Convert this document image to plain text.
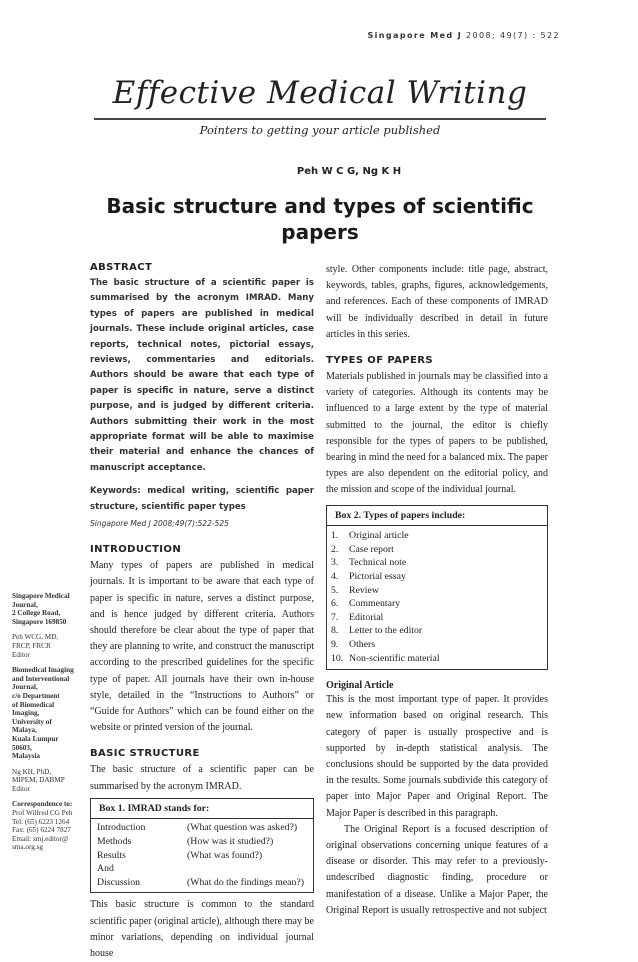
Singapore Med J 2008; 49(7) : 522
Effective Medical Writing
Pointers to getting your article published
Peh W C G, Ng K H
Basic structure and types of scientific papers

Singapore Medical
Journal,
2 College Road,
Singapore 169850

Peh WCG, MD,
FRCP, FRCR
Editor

Biomedical Imaging
and Interventional
Journal,
c/o Department
of Biomedical
Imaging,
University of
Malaya,
Kuala Lumpur
50603,
Malaysia

Ng KH, PhD,
MIPEM, DABMP
Editor

Correspondence to:
Prof Wilfred CG Peh
Tel: (65) 6223 1264
Fax: (65) 6224 7827
Email: smj.editor@
sma.org.sg

ABSTRACT
The basic structure of a scientific paper is summarised by the acronym IMRAD. Many types of papers are published in medical journals. These include original articles, case reports, technical notes, pictorial essays, reviews, commentaries and editorials. Authors should be aware that each type of paper is specific in nature, serve a distinct purpose, and is judged by different criteria. Authors submitting their work in the most appropriate format will be able to maximise their material and enhance the chances of manuscript acceptance.
Keywords: medical writing, scientific paper structure, scientific paper types
Singapore Med J 2008;49(7):522-525
INTRODUCTION

Many types of papers are published in medical journals. It is important to be aware that each type of paper is specific in nature, serves a distinct purpose, and is hence judged by different criteria. Authors should therefore be clear about the type of paper that they are planning to write, and construct the manuscript according to the prescribed guidelines for the specific type of paper. All journals have their own in-house style, detailed in the “Instructions to Authors” or “Guide for Authors” which can be found either on the website or printed version of the journal.

BASIC STRUCTURE

The basic structure of a scientific paper can be summarised by the acronym IMRAD.

Box 1. IMRAD stands for:
Introduction	(What question was asked?)
Methods	(How was it studied?)
Results	(What was found?)
And	
Discussion	(What do the findings mean?)

This basic structure is common to the standard scientific paper (original article), although there may be minor variations, depending on individual journal house

style. Other components include: title page, abstract, keywords, tables, graphs, figures, acknowledgements, and references. Each of these components of IMRAD will be individually described in detail in future articles in this series.

TYPES OF PAPERS

Materials published in journals may be classified into a variety of categories. Although its contents may be influenced to a large extent by the type of material submitted to the journal, the editor is chiefly responsible for the types of papers to be published, bearing in mind the need for a balanced mix. The paper types are also dependent on the editorial policy, and the mission and scope of the individual journal.

Box 2. Types of papers include:
1.	Original article
2.	Case report
3.	Technical note
4.	Pictorial essay
5.	Review
6.	Commentary
7.	Editorial
8.	Letter to the editor
9.	Others
10. Non-scientific material
Original Article

This is the most important type of paper. It provides new information based on original research. This category of paper is usually prospective and is supported by in-depth statistical analysis. The conclusions should be supported by the data provided in the results. Some journals subdivide this category of paper into Major Paper and Original Report. The Major Paper is described in this paragraph.

The Original Report is a focused description of original observations concerning unique features of a disease or disorder. This may refer to a previously-undescribed diagnostic finding, procedure or manifestation of a disease. Unlike a Major Paper, the Original Report is usually retrospective and not subject
